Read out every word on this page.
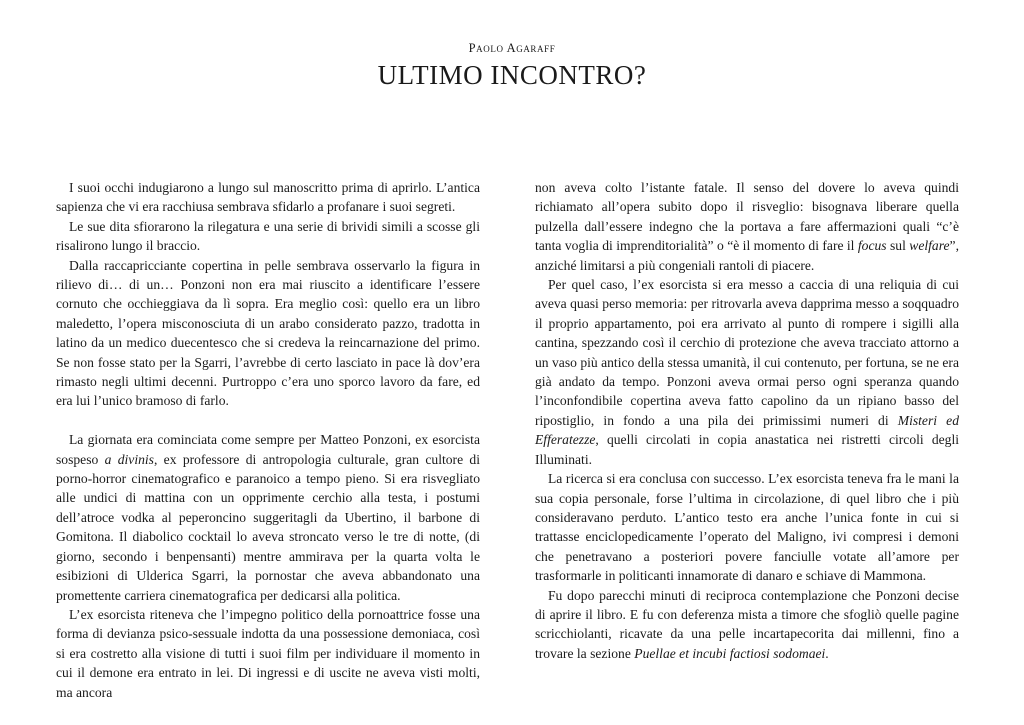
Paolo Agaraff
ULTIMO INCONTRO?

I suoi occhi indugiarono a lungo sul manoscritto prima di aprirlo. L’antica sapienza che vi era racchiusa sembrava sfidarlo a profanare i suoi segreti.

Le sue dita sfiorarono la rilegatura e una serie di brividi simili a scosse gli risalirono lungo il braccio.

Dalla raccapricciante copertina in pelle sembrava osservarlo la figura in rilievo di… di un… Ponzoni non era mai riuscito a identificare l’essere cornuto che occhieggiava da lì sopra. Era meglio così: quello era un libro maledetto, l’opera misconosciuta di un arabo considerato pazzo, tradotta in latino da un medico duecentesco che si credeva la reincarnazione del primo. Se non fosse stato per la Sgarri, l’avrebbe di certo lasciato in pace là dov’era rimasto negli ultimi decenni. Purtroppo c’era uno sporco lavoro da fare, ed era lui l’unico bramoso di farlo.

La giornata era cominciata come sempre per Matteo Ponzoni, ex esorcista sospeso a divinis, ex professore di antropologia culturale, gran cultore di porno-horror cinematografico e paranoico a tempo pieno. Si era risvegliato alle undici di mattina con un opprimente cerchio alla testa, i postumi dell’atroce vodka al peperoncino suggeritagli da Ubertino, il barbone di Gomitona. Il diabolico cocktail lo aveva stroncato verso le tre di notte, (di giorno, secondo i benpensanti) mentre ammirava per la quarta volta le esibizioni di Ulderica Sgarri, la pornostar che aveva abbandonato una promettente carriera cinematografica per dedicarsi alla politica.

L’ex esorcista riteneva che l’impegno politico della pornoattrice fosse una forma di devianza psico-sessuale indotta da una possessione demoniaca, così si era costretto alla visione di tutti i suoi film per individuare il momento in cui il demone era entrato in lei. Di ingressi e di uscite ne aveva visti molti, ma ancora

non aveva colto l’istante fatale. Il senso del dovere lo aveva quindi richiamato all’opera subito dopo il risveglio: bisognava liberare quella pulzella dall’essere indegno che la portava a fare affermazioni quali “c’è tanta voglia di imprenditorialità” o “è il momento di fare il focus sul welfare”, anziché limitarsi a più congeniali rantoli di piacere.

Per quel caso, l’ex esorcista si era messo a caccia di una reliquia di cui aveva quasi perso memoria: per ritrovarla aveva dapprima messo a soqquadro il proprio appartamento, poi era arrivato al punto di rompere i sigilli alla cantina, spezzando così il cerchio di protezione che aveva tracciato attorno a un vaso più antico della stessa umanità, il cui contenuto, per fortuna, se ne era già andato da tempo. Ponzoni aveva ormai perso ogni speranza quando l’inconfondibile copertina aveva fatto capolino da un ripiano basso del ripostiglio, in fondo a una pila dei primissimi numeri di Misteri ed Efferatezze, quelli circolati in copia anastatica nei ristretti circoli degli Illuminati.

La ricerca si era conclusa con successo. L’ex esorcista teneva fra le mani la sua copia personale, forse l’ultima in circolazione, di quel libro che i più consideravano perduto. L’antico testo era anche l’unica fonte in cui si trattasse enciclopedicamente l’operato del Maligno, ivi compresi i demoni che penetravano a posteriori povere fanciulle votate all’amore per trasformarle in politicanti innamorate di danaro e schiave di Mammona.

Fu dopo parecchi minuti di reciproca contemplazione che Ponzoni decise di aprire il libro. E fu con deferenza mista a timore che sfogliò quelle pagine scricchiolanti, ricavate da una pelle incartapecorita dai millenni, fino a trovare la sezione Puellae et incubi factiosi sodomaei.
